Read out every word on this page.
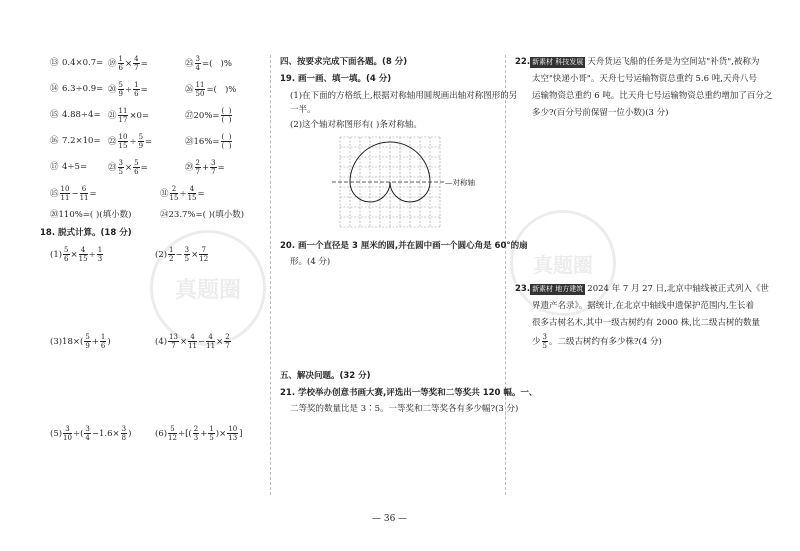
真题圈
真题圈
⑬ 0.4×0.7=
⑭ 6.3÷0.9=
⑮ 4.88÷4=
⑯ 7.2×10=
⑰ 4÷5=
⑲ $\frac{1}{6} \times \frac{4}{7}$ =
⑳ $\frac{5}{9} \div \frac{1}{6}$ =
㉑ $\frac{11}{17} \times 0=$
㉒ $\frac{10}{15} \div \frac{5}{9}$ =
㉓ $\frac{3}{5} \times \frac{5}{6}$ =
㉕ $\frac{3}{4}$ =(   )%
㉖ $\frac{11}{50}$ =(   )%
㉗20%= $\frac{( )}{( )}$
㉘16%= $\frac{( )}{( )}$
㉙ $\frac{2}{7} + \frac{3}{7}$ =
⑮ $\frac{10}{11} - \frac{6}{11}$ =	㉛ $\frac{2}{15} \div \frac{4}{15}$ =
⑳110%=( )(填小数)	㉔23.7%=( )(填小数)
18. 脱式计算。(18 分)
$(1) \frac{5}{6} \times \frac{4}{15} \div \frac{1}{3}$	$(2) \frac{1}{2} - \frac{3}{5} \times \frac{7}{12}$
$(3)18\times( \frac{5}{9} + \frac{1}{6}$ )	$(4) \frac{13}{7} \times \frac{4}{11} - \frac{4}{11} \times \frac{2}{7}$
$(5) \frac{3}{10}$ ÷( $\frac{3}{4} -1.6\times \frac{3}{8}$ )	$(6) \frac{5}{12}$ ÷[( $\frac{2}{3} + \frac{1}{5}$ )× $\frac{10}{13}$ ]
四、按要求完成下面各题。(8 分)
19. 画一画、填一填。(4 分)
(1)在下面的方格纸上,根据对称轴用圆规画出轴对称图形的另
一半。
(2)这个轴对称图形有( )条对称轴。
—对称轴
20. 画一个直径是 3 厘米的圆,并在圆中画一个圆心角是 60°的扇
形。(4 分)
五、解决问题。(32 分)
21. 学校举办创意书画大赛,评选出一等奖和二等奖共 120 幅。一、
二等奖的数量比是 3∶5。一等奖和二等奖各有多少幅?(3 分)
22. 新素材 科技发展 天舟货运飞船的任务是为空间站"补货",被称为
太空"快递小哥"。天舟七号运输物资总重约 5.6 吨,天舟八号
运输物资总重约 6 吨。比天舟七号运输物资总重约增加了百分之
多少?(百分号前保留一位小数)(3 分)
23. 新素材 地方建筑 2024 年 7 月 27 日,北京中轴线被正式列入《世
界遗产名录》。据统计,在北京中轴线申遗保护范围内,生长着
很多古树名木,其中一级古树约有 2000 株,比二级古树的数量
少 $\frac{3}{5}$ 。二级古树约有多少株?(4 分)
— 36 —
